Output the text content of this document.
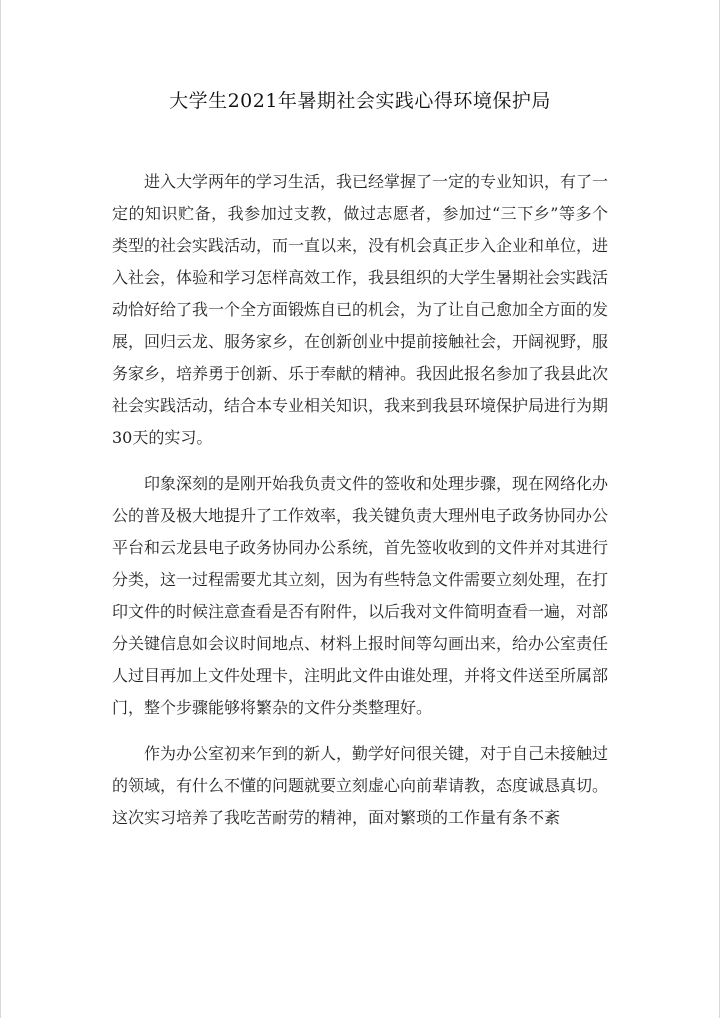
大学生2021年暑期社会实践心得环境保护局

进入大学两年的学习生活，我已经掌握了一定的专业知识，有了一定的知识贮备，我参加过支教，做过志愿者，参加过“三下乡”等多个类型的社会实践活动，而一直以来，没有机会真正步入企业和单位，进入社会，体验和学习怎样高效工作，我县组织的大学生暑期社会实践活动恰好给了我一个全方面锻炼自已的机会，为了让自己愈加全方面的发展，回归云龙、服务家乡，在创新创业中提前接触社会，开阔视野，服务家乡，培养勇于创新、乐于奉献的精神。我因此报名参加了我县此次社会实践活动，结合本专业相关知识，我来到我县环境保护局进行为期30天的实习。

印象深刻的是刚开始我负责文件的签收和处理步骤，现在网络化办公的普及极大地提升了工作效率，我关键负责大理州电子政务协同办公平台和云龙县电子政务协同办公系统，首先签收收到的文件并对其进行分类，这一过程需要尤其立刻，因为有些特急文件需要立刻处理，在打印文件的时候注意查看是否有附件，以后我对文件简明查看一遍，对部分关键信息如会议时间地点、材料上报时间等勾画出来，给办公室责任人过目再加上文件处理卡，注明此文件由谁处理，并将文件送至所属部门，整个步骤能够将繁杂的文件分类整理好。

作为办公室初来乍到的新人，勤学好问很关键，对于自己未接触过的领域，有什么不懂的问题就要立刻虚心向前辈请教，态度诚恳真切。这次实习培养了我吃苦耐劳的精神，面对繁琐的工作量有条不紊
